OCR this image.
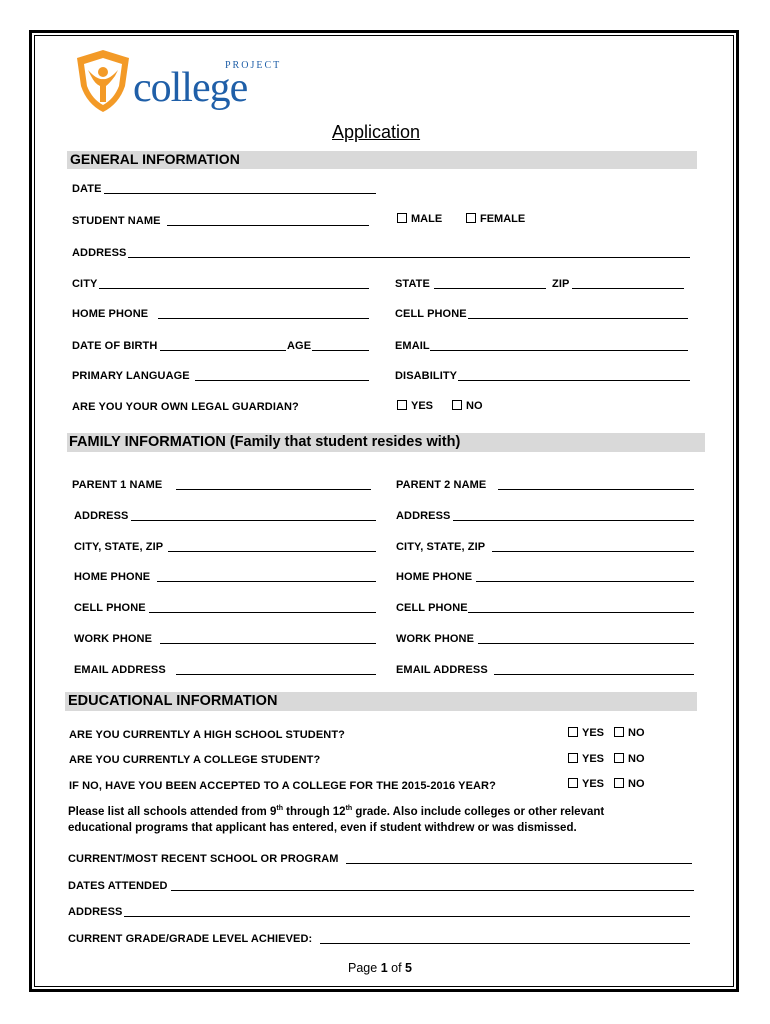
PROJECT
college
Application
GENERAL INFORMATION
DATE
STUDENT NAME	MALE	FEMALE
ADDRESS
CITY	STATE	ZIP
HOME PHONE	CELL PHONE
DATE OF BIRTH	AGE	EMAIL
PRIMARY LANGUAGE	DISABILITY
ARE YOU YOUR OWN LEGAL GUARDIAN?	YES	NO
FAMILY INFORMATION (Family that student resides with)
PARENT 1 NAME	PARENT 2 NAME
ADDRESS	ADDRESS
CITY, STATE, ZIP	CITY, STATE, ZIP
HOME PHONE	HOME PHONE
CELL PHONE	CELL PHONE
WORK PHONE	WORK PHONE
EMAIL ADDRESS	EMAIL ADDRESS
EDUCATIONAL INFORMATION
ARE YOU CURRENTLY A HIGH SCHOOL STUDENT?	YES	NO
ARE YOU CURRENTLY A COLLEGE STUDENT?	YES	NO
IF NO, HAVE YOU BEEN ACCEPTED TO A COLLEGE FOR THE 2015-2016 YEAR?	YES	NO
Please list all schools attended from 9th through 12th grade. Also include colleges or other relevant
educational programs that applicant has entered, even if student withdrew or was dismissed.
CURRENT/MOST RECENT SCHOOL OR PROGRAM
DATES ATTENDED
ADDRESS
CURRENT GRADE/GRADE LEVEL ACHIEVED:
Page 1 of 5
